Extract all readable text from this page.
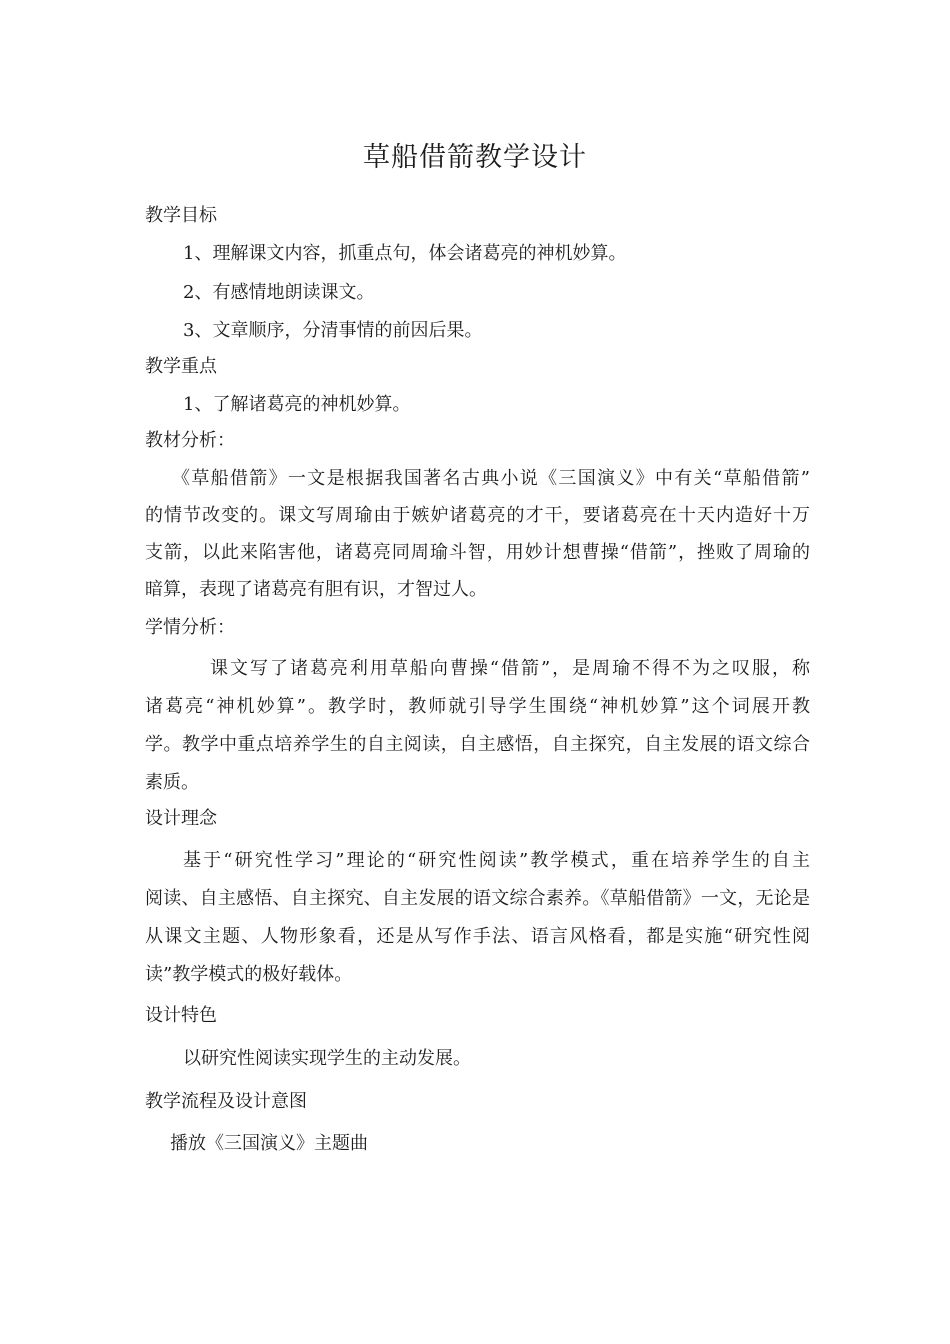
草船借箭教学设计
教学目标
1、理解课文内容，抓重点句，体会诸葛亮的神机妙算。
2、有感情地朗读课文。
3、文章顺序，分清事情的前因后果。
教学重点
1、了解诸葛亮的神机妙算。
教材分析：
《草船借箭》一文是根据我国著名古典小说《三国演义》中有关“草船借箭”
的情节改变的。课文写周瑜由于嫉妒诸葛亮的才干，要诸葛亮在十天内造好十万
支箭，以此来陷害他，诸葛亮同周瑜斗智，用妙计想曹操“借箭”，挫败了周瑜的
暗算，表现了诸葛亮有胆有识，才智过人。
学情分析：
课文写了诸葛亮利用草船向曹操“借箭”，是周瑜不得不为之叹服，称
诸葛亮“神机妙算”。教学时，教师就引导学生围绕“神机妙算”这个词展开教
学。教学中重点培养学生的自主阅读，自主感悟，自主探究，自主发展的语文综合
素质。
设计理念
基于“研究性学习”理论的“研究性阅读”教学模式，重在培养学生的自主
阅读、自主感悟、自主探究、自主发展的语文综合素养。《草船借箭》一文，无论是
从课文主题、人物形象看，还是从写作手法、语言风格看，都是实施“研究性阅
读”教学模式的极好载体。
设计特色
以研究性阅读实现学生的主动发展。
教学流程及设计意图
播放《三国演义》主题曲
